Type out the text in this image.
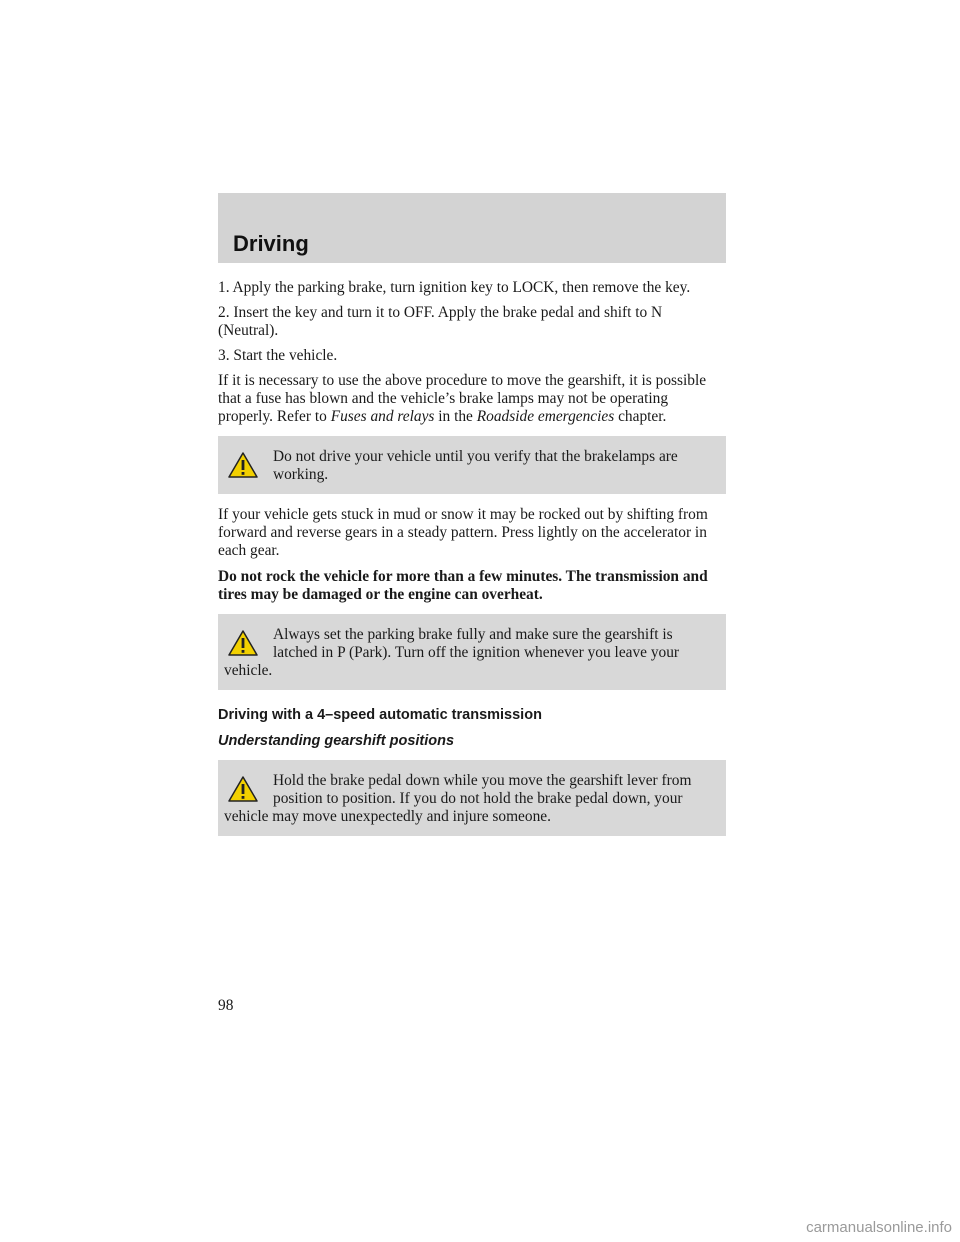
Driving

1. Apply the parking brake, turn ignition key to LOCK, then remove the key.

2. Insert the key and turn it to OFF. Apply the brake pedal and shift to N (Neutral).

3. Start the vehicle.

If it is necessary to use the above procedure to move the gearshift, it is possible that a fuse has blown and the vehicle’s brake lamps may not be operating properly. Refer to Fuses and relays in the Roadside emergencies chapter.

Do not drive your vehicle until you verify that the brakelamps are working.

If your vehicle gets stuck in mud or snow it may be rocked out by shifting from forward and reverse gears in a steady pattern. Press lightly on the accelerator in each gear.

Do not rock the vehicle for more than a few minutes. The transmission and tires may be damaged or the engine can overheat.

Always set the parking brake fully and make sure the gearshift is latched in P (Park). Turn off the ignition whenever you leave your vehicle.

Driving with a 4–speed automatic transmission
Understanding gearshift positions

Hold the brake pedal down while you move the gearshift lever from position to position. If you do not hold the brake pedal down, your vehicle may move unexpectedly and injure someone.

98

carmanualsonline.info
